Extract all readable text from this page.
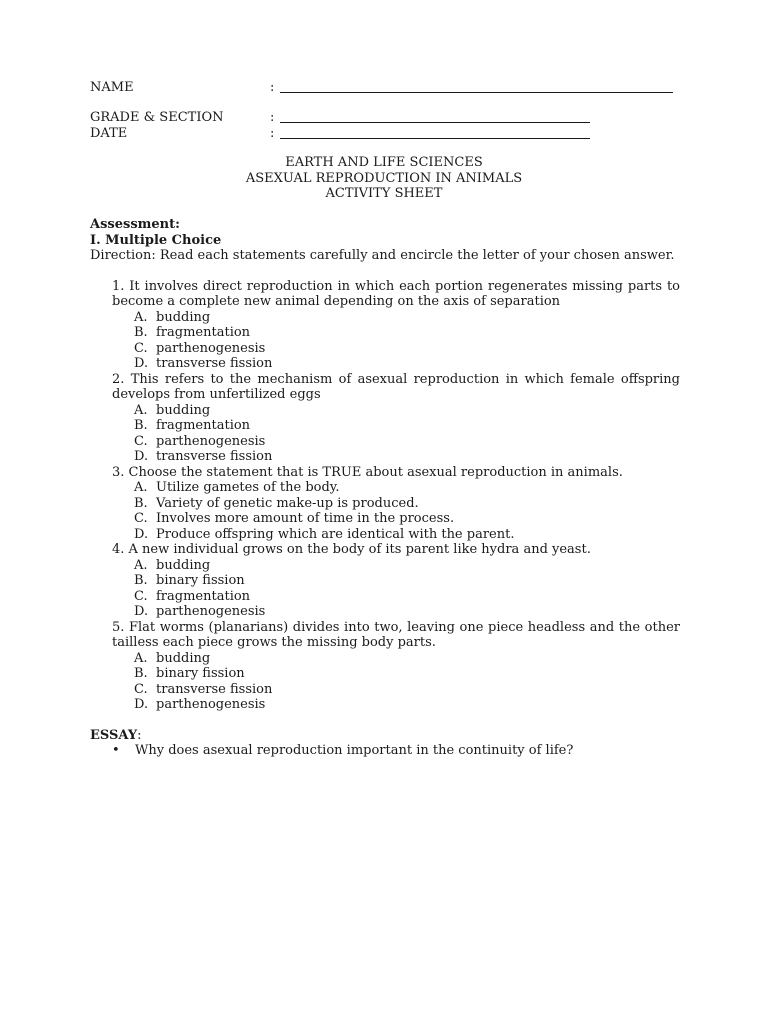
NAME	:
GRADE & SECTION	:
DATE	:
EARTH AND LIFE SCIENCES
ASEXUAL REPRODUCTION IN ANIMALS
ACTIVITY SHEET
Assessment:
I. Multiple Choice
Direction: Read each statements carefully and encircle the letter of your chosen answer.
1. It involves direct reproduction in which each portion regenerates missing parts to become a complete new animal depending on the axis of separation
A. budding
B. fragmentation
C. parthenogenesis
D. transverse fission
2. This refers to the mechanism of asexual reproduction in which female offspring develops from unfertilized eggs
A. budding
B. fragmentation
C. parthenogenesis
D. transverse fission
3. Choose the statement that is TRUE about asexual reproduction in animals.
A. Utilize gametes of the body.
B. Variety of genetic make-up is produced.
C. Involves more amount of time in the process.
D. Produce offspring which are identical with the parent.
4. A new individual grows on the body of its parent like hydra and yeast.
A. budding
B. binary fission
C. fragmentation
D. parthenogenesis
5. Flat worms (planarians) divides into two, leaving one piece headless and the other tailless each piece grows the missing body parts.
A. budding
B. binary fission
C. transverse fission
D. parthenogenesis
ESSAY:
• Why does asexual reproduction important in the continuity of life?
